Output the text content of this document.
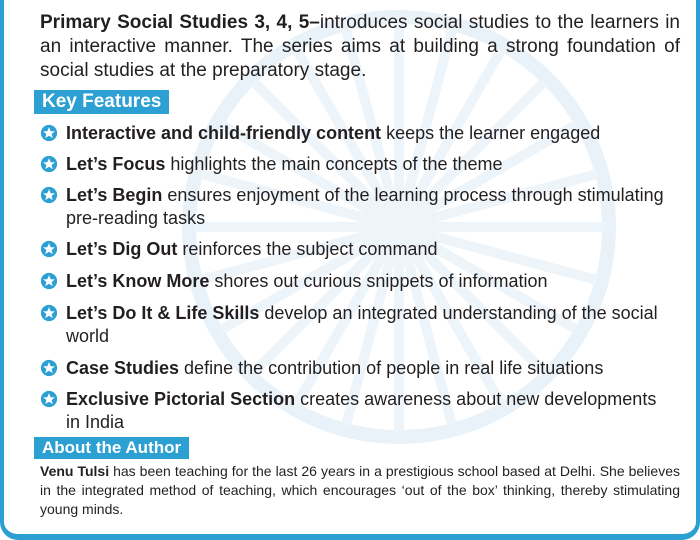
Primary Social Studies 3, 4, 5–introduces social studies to the learners in an interactive manner. The series aims at building a strong foundation of social studies at the preparatory stage.
Key Features
Interactive and child-friendly content keeps the learner engaged
Let’s Focus highlights the main concepts of the theme
Let’s Begin ensures enjoyment of the learning process through stimulating pre-reading tasks
Let’s Dig Out reinforces the subject command
Let’s Know More shores out curious snippets of information
Let’s Do It & Life Skills develop an integrated understanding of the social world
Case Studies define the contribution of people in real life situations
Exclusive Pictorial Section creates awareness about new developments in India
About the Author
Venu Tulsi has been teaching for the last 26 years in a prestigious school based at Delhi. She believes in the integrated method of teaching, which encourages ‘out of the box’ thinking, thereby stimulating young minds.
